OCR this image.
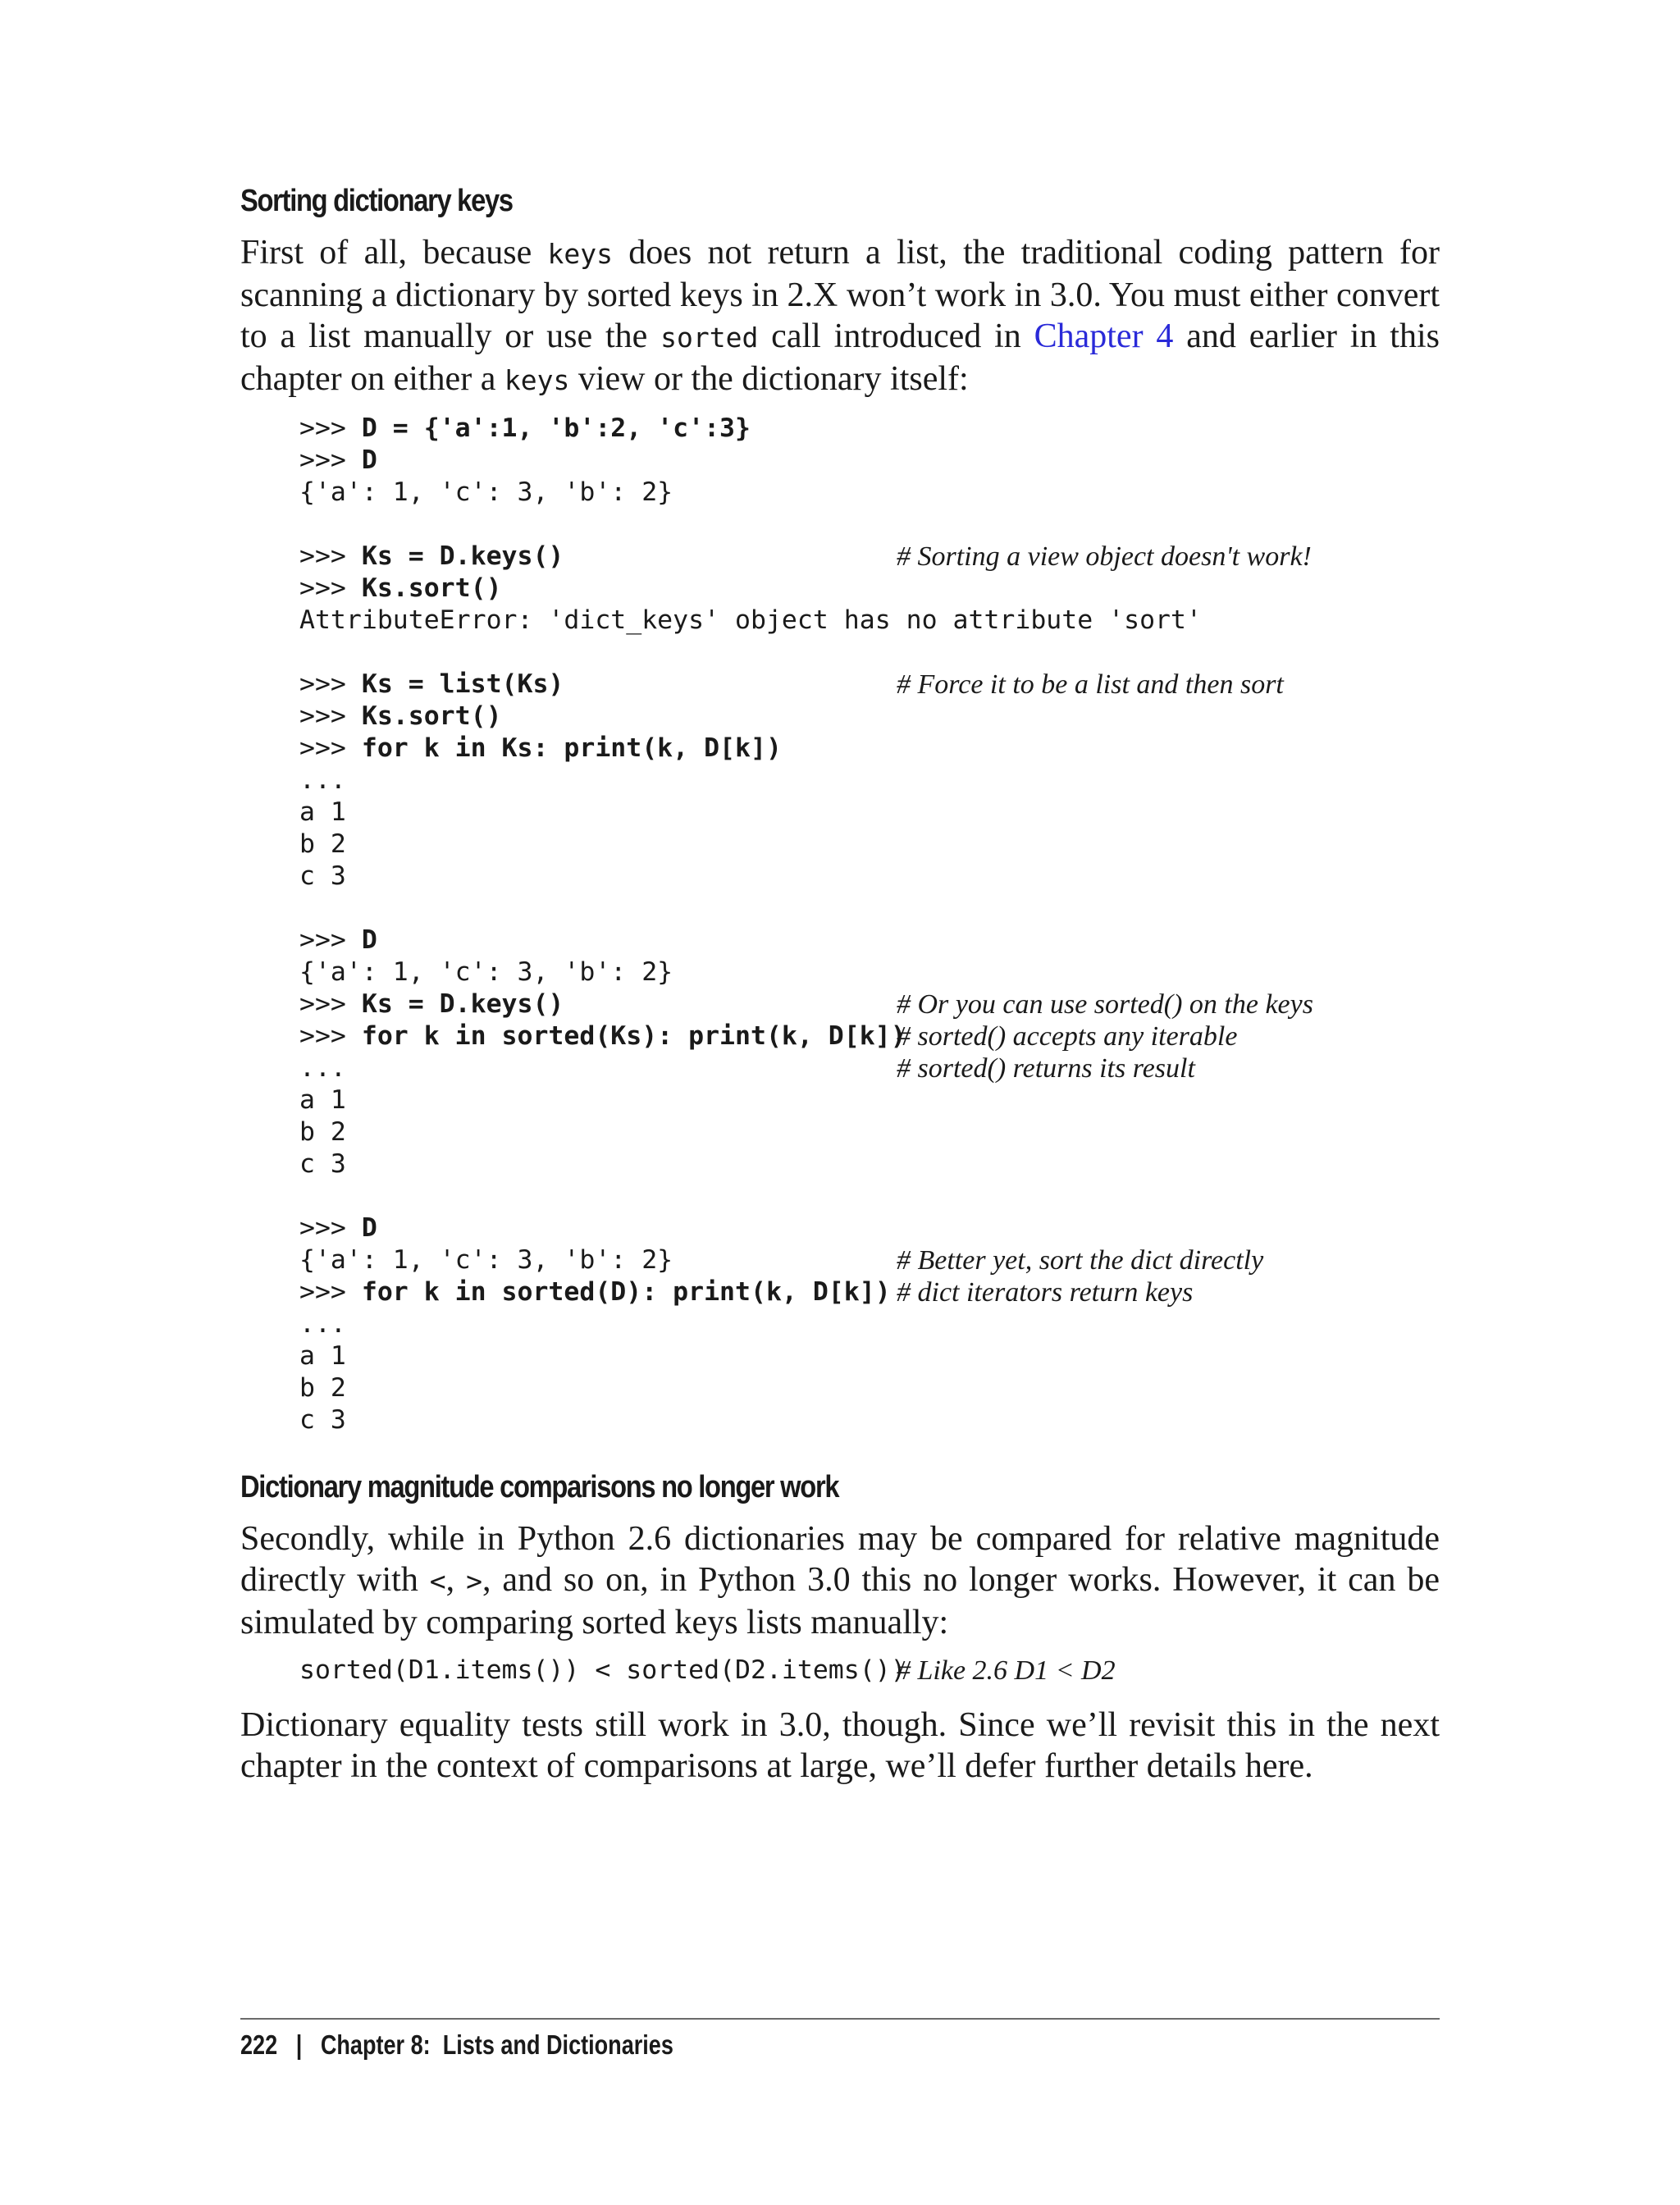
Sorting dictionary keys

First of all, because keys does not return a list, the traditional coding pattern for scanning a dictionary by sorted keys in 2.X won’t work in 3.0. You must either convert to a list manually or use the sorted call introduced in Chapter 4 and earlier in this chapter on either a keys view or the dictionary itself:

>>> D = {'a':1, 'b':2, 'c':3}
>>> D
{'a': 1, 'c': 3, 'b': 2}
>>> Ks = D.keys()	# Sorting a view object doesn't work!
>>> Ks.sort()
AttributeError: 'dict_keys' object has no attribute 'sort'
>>> Ks = list(Ks)	# Force it to be a list and then sort
>>> Ks.sort()
>>> for k in Ks: print(k, D[k])
...
a 1
b 2
c 3
>>> D
{'a': 1, 'c': 3, 'b': 2}
>>> Ks = D.keys()	# Or you can use sorted() on the keys
>>> for k in sorted(Ks): print(k, D[k])
# sorted() accepts any iterable
...	# sorted() returns its result
a 1
b 2
c 3
>>> D
{'a': 1, 'c': 3, 'b': 2}	# Better yet, sort the dict directly
>>> for k in sorted(D): print(k, D[k]) # dict iterators return keys
...
a 1
b 2
c 3
Dictionary magnitude comparisons no longer work

Secondly, while in Python 2.6 dictionaries may be compared for relative magnitude directly with <, >, and so on, in Python 3.0 this no longer works. However, it can be simulated by comparing sorted keys lists manually:

sorted(D1.items()) < sorted(D2.items())
# Like 2.6 D1 < D2

Dictionary equality tests still work in 3.0, though. Since we’ll revisit this in the next chapter in the context of comparisons at large, we’ll defer further details here.

222 | Chapter 8:  Lists and Dictionaries
